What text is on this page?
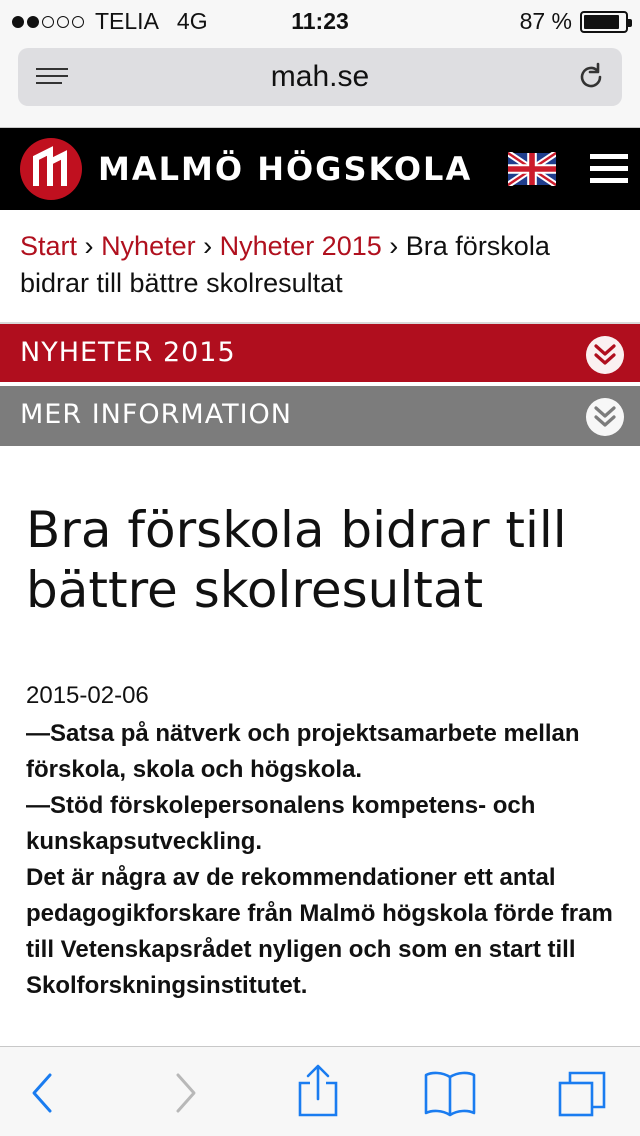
TELIA 4G	11:23	87 %
mah.se
MALMÖ HÖGSKOLA
Start › Nyheter › Nyheter 2015 › Bra förskola bidrar till bättre skolresultat
NYHETER 2015
MER INFORMATION
Bra förskola bidrar till bättre skolresultat
2015-02-06

—Satsa på nätverk och projektsamarbete mellan förskola, skola och högskola.

—Stöd förskolepersonalens kompetens- och kunskapsutveckling.

Det är några av de rekommendationer ett antal pedagogikforskare från Malmö högskola förde fram till Vetenskapsrådet nyligen och som en start till Skolforskningsinstitutet.
